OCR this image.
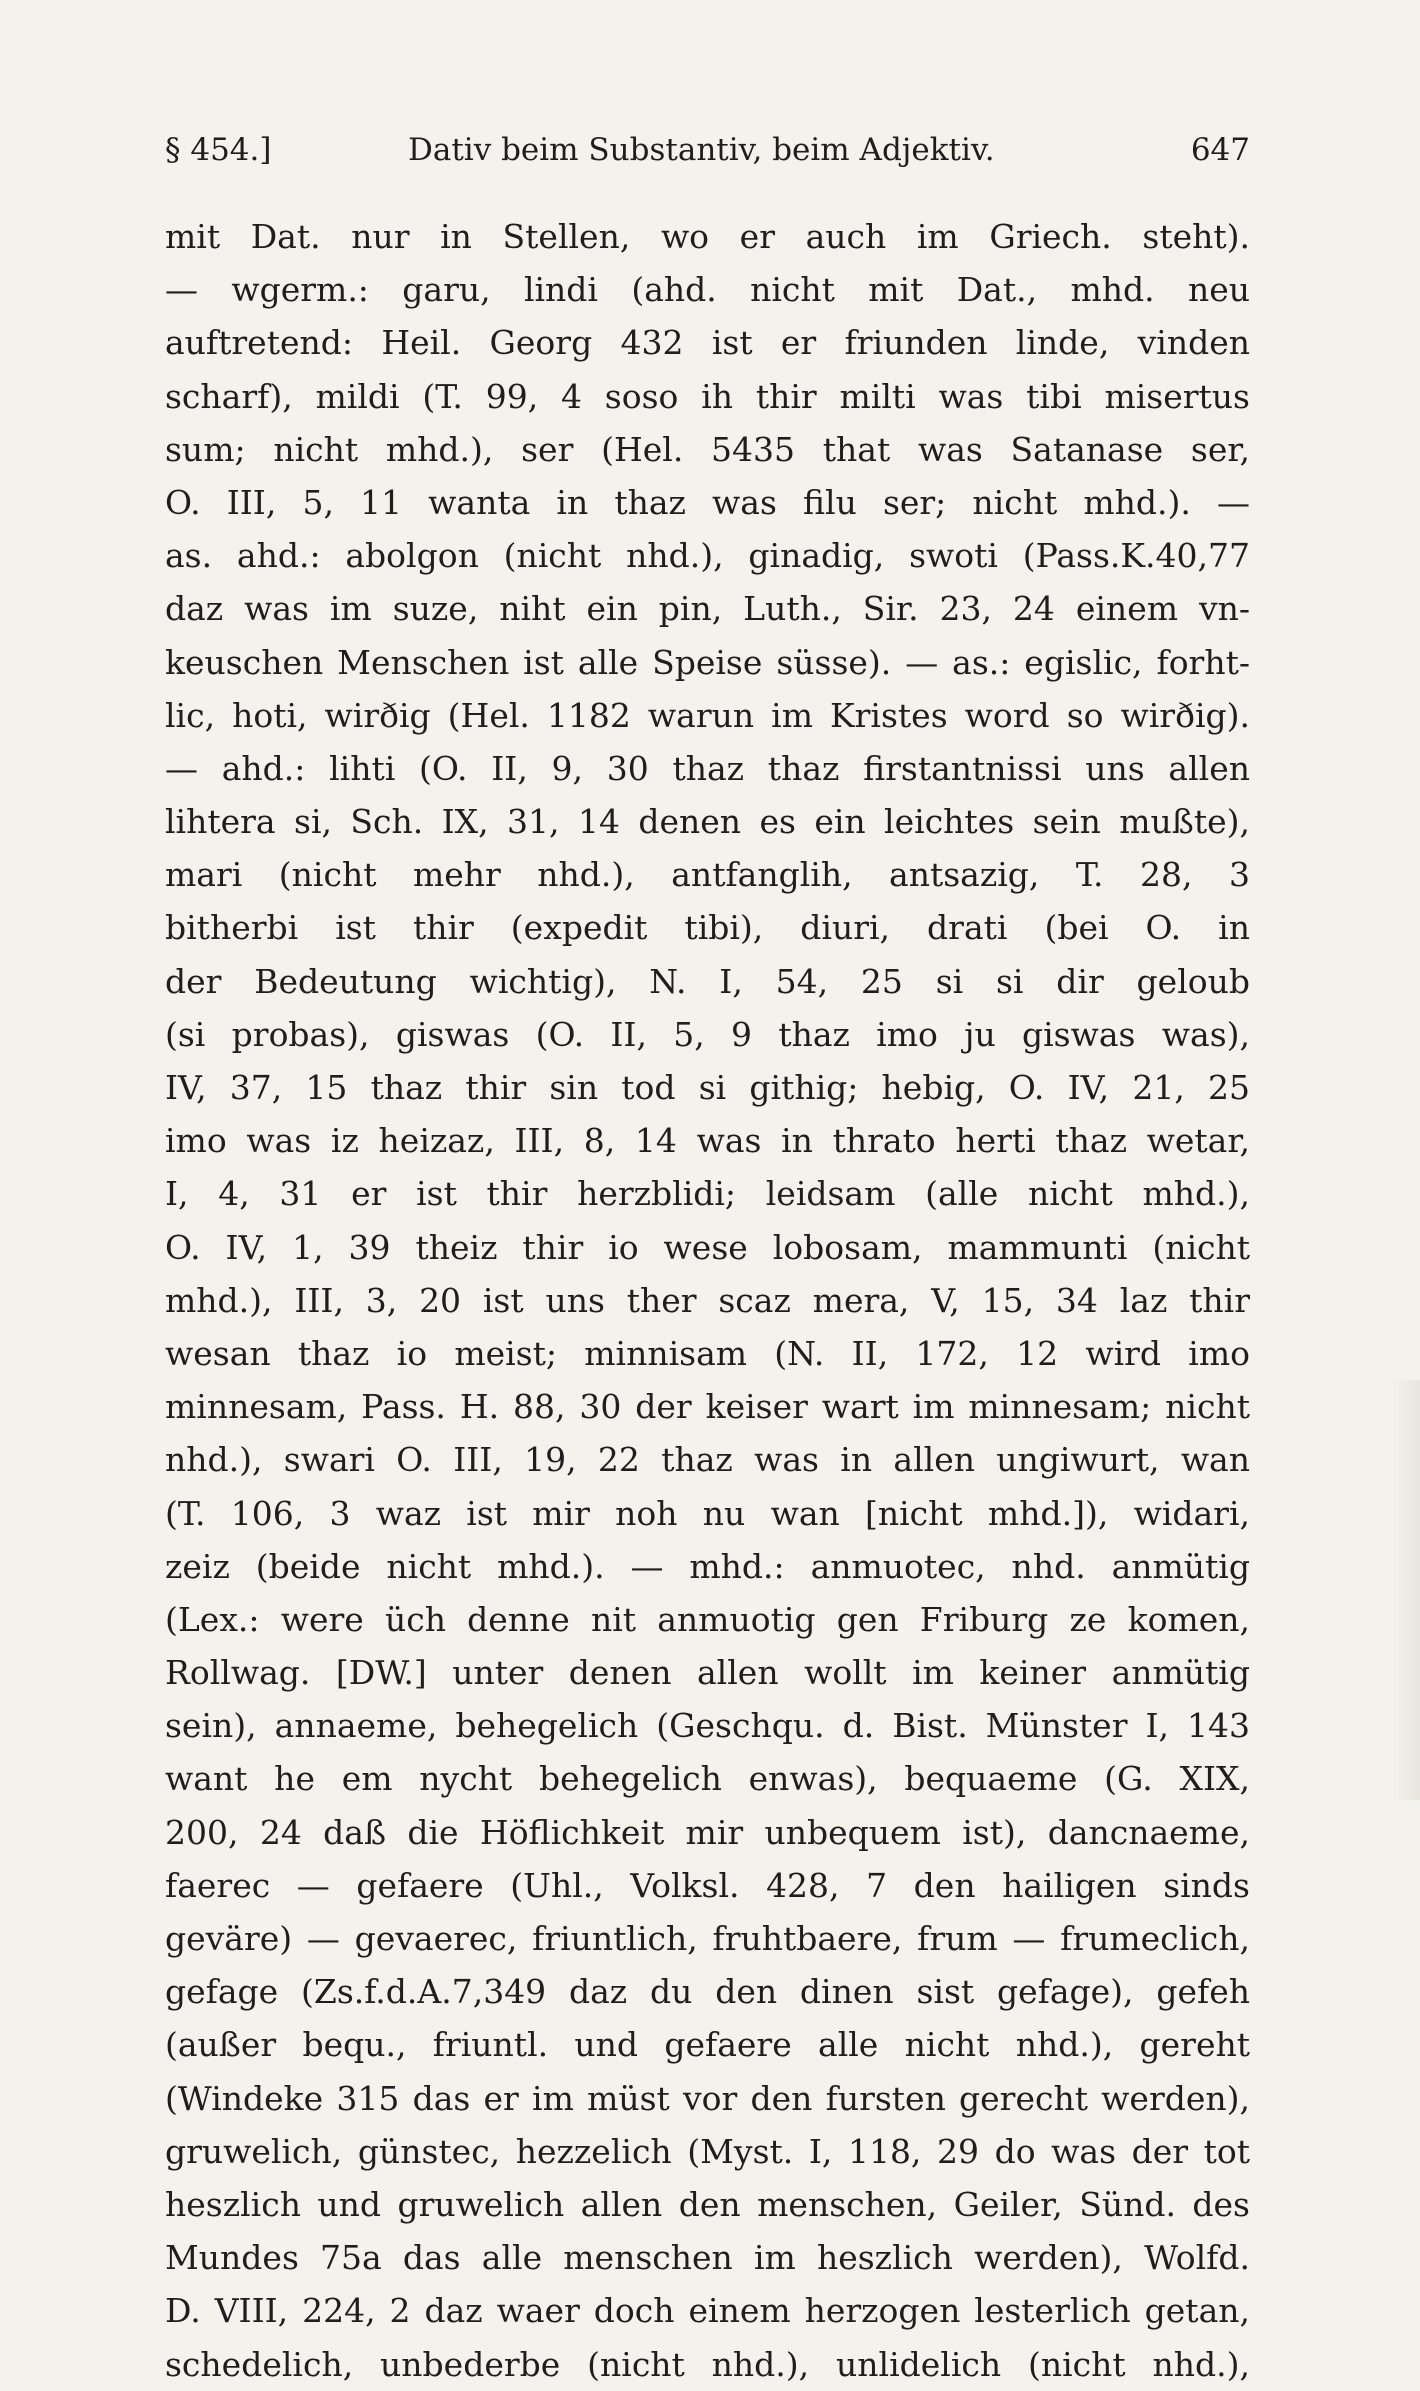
§ 454.]	Dativ beim Substantiv, beim Adjektiv.	647
mit Dat. nur in Stellen, wo er auch im Griech. steht).
— wgerm.: garu, lindi (ahd. nicht mit Dat., mhd. neu
auftretend: Heil. Georg 432 ist er friunden linde, vinden
scharf), mildi (T. 99, 4 soso ih thir milti was tibi misertus
sum; nicht mhd.), ser (Hel. 5435 that was Satanase ser,
O. III, 5, 11 wanta in thaz was filu ser; nicht mhd.). —
as. ahd.: abolgon (nicht nhd.), ginadig, swoti (Pass.K.40,77
daz was im suze, niht ein pin, Luth., Sir. 23, 24 einem vn-
keuschen Menschen ist alle Speise süsse). — as.: egislic, forht-
lic, hoti, wirðig (Hel. 1182 warun im Kristes word so wirðig).
— ahd.: lihti (O. II, 9, 30 thaz thaz firstantnissi uns allen
lihtera si, Sch. IX, 31, 14 denen es ein leichtes sein mußte),
mari (nicht mehr nhd.), antfanglih, antsazig, T. 28, 3
bitherbi ist thir (expedit tibi), diuri, drati (bei O. in
der Bedeutung wichtig), N. I, 54, 25 si si dir geloub
(si probas), giswas (O. II, 5, 9 thaz imo ju giswas was),
IV, 37, 15 thaz thir sin tod si githig; hebig, O. IV, 21, 25
imo was iz heizaz, III, 8, 14 was in thrato herti thaz wetar,
I, 4, 31 er ist thir herzblidi; leidsam (alle nicht mhd.),
O. IV, 1, 39 theiz thir io wese lobosam, mammunti (nicht
mhd.), III, 3, 20 ist uns ther scaz mera, V, 15, 34 laz thir
wesan thaz io meist; minnisam (N. II, 172, 12 wird imo
minnesam, Pass. H. 88, 30 der keiser wart im minnesam; nicht
nhd.), swari O. III, 19, 22 thaz was in allen ungiwurt, wan
(T. 106, 3 waz ist mir noh nu wan [nicht mhd.]), widari,
zeiz (beide nicht mhd.). — mhd.: anmuotec, nhd. anmütig
(Lex.: were üch denne nit anmuotig gen Friburg ze komen,
Rollwag. [DW.] unter denen allen wollt im keiner anmütig
sein), annaeme, behegelich (Geschqu. d. Bist. Münster I, 143
want he em nycht behegelich enwas), bequaeme (G. XIX,
200, 24 daß die Höflichkeit mir unbequem ist), dancnaeme,
faerec — gefaere (Uhl., Volksl. 428, 7 den hailigen sinds
geväre) — gevaerec, friuntlich, fruhtbaere, frum — frumeclich,
gefage (Zs.f.d.A.7,349 daz du den dinen sist gefage), gefeh
(außer bequ., friuntl. und gefaere alle nicht nhd.), gereht
(Windeke 315 das er im müst vor den fursten gerecht werden),
gruwelich, günstec, hezzelich (Myst. I, 118, 29 do was der tot
heszlich und gruwelich allen den menschen, Geiler, Sünd. des
Mundes 75a das alle menschen im heszlich werden), Wolfd.
D. VIII, 224, 2 daz waer doch einem herzogen lesterlich getan,
schedelich, unbederbe (nicht nhd.), unlidelich (nicht nhd.),
